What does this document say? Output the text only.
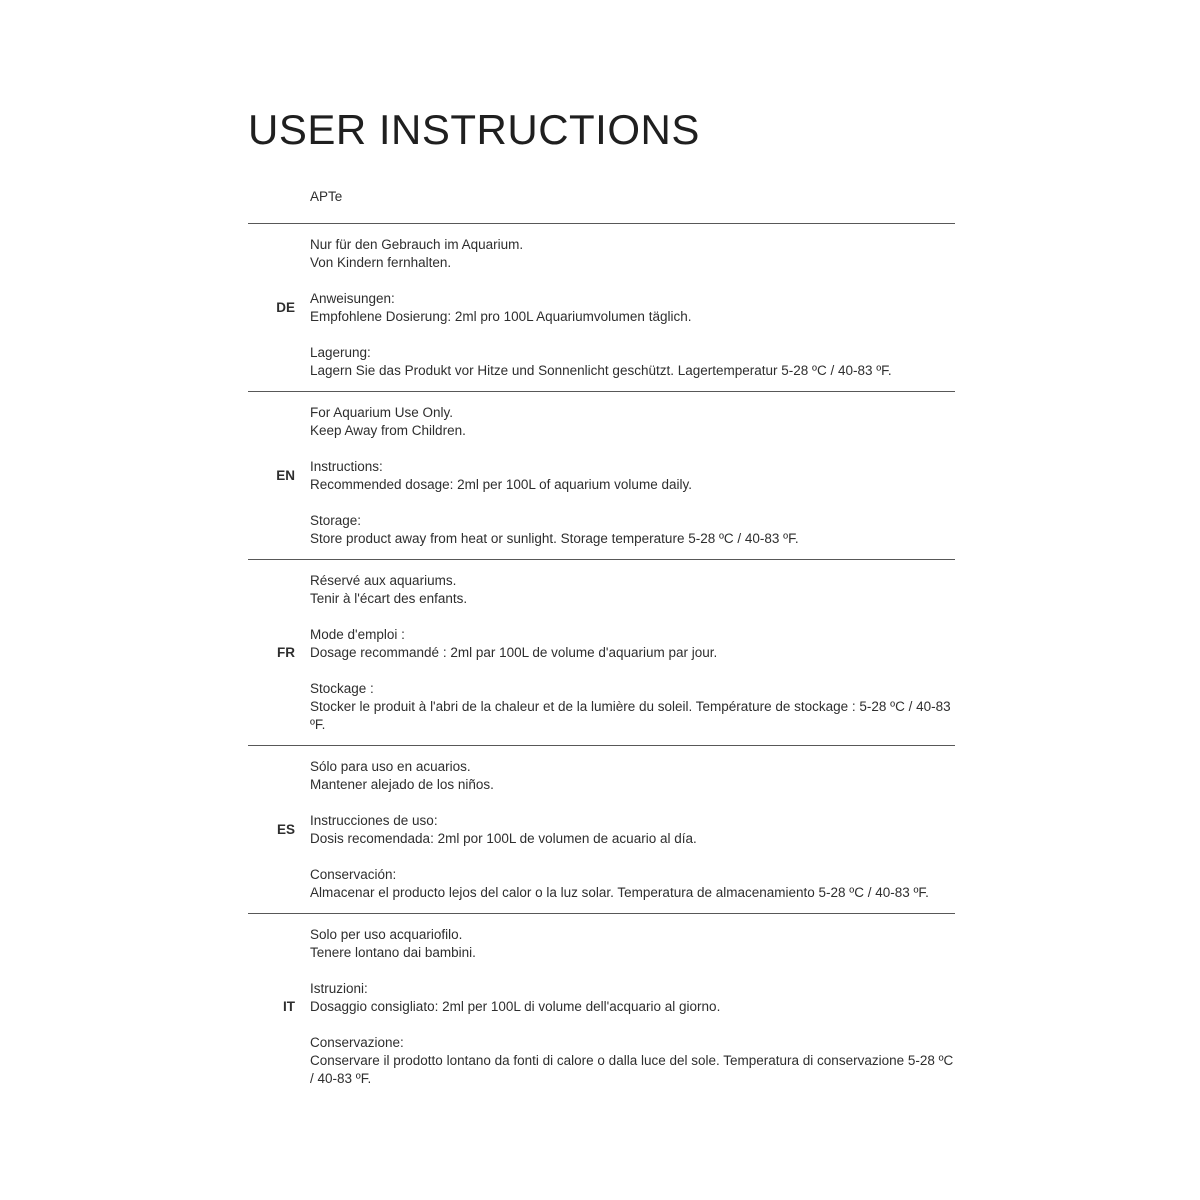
USER INSTRUCTIONS
APTe
DE

Nur für den Gebrauch im Aquarium.
Von Kindern fernhalten.

Anweisungen:
Empfohlene Dosierung: 2ml pro 100L Aquariumvolumen täglich.

Lagerung:
Lagern Sie das Produkt vor Hitze und Sonnenlicht geschützt. Lagertemperatur 5-28 ºC / 40-83 ºF.

EN

For Aquarium Use Only.
Keep Away from Children.

Instructions:
Recommended dosage: 2ml per 100L of aquarium volume daily.

Storage:
Store product away from heat or sunlight. Storage temperature 5-28 ºC / 40-83 ºF.

FR

Réservé aux aquariums.
Tenir à l'écart des enfants.

Mode d'emploi :
Dosage recommandé : 2ml par 100L de volume d'aquarium par jour.

Stockage :
Stocker le produit à l'abri de la chaleur et de la lumière du soleil. Température de stockage : 5-28 ºC / 40-83 ºF.

ES

Sólo para uso en acuarios.
Mantener alejado de los niños.

Instrucciones de uso:
Dosis recomendada: 2ml por 100L de volumen de acuario al día.

Conservación:
Almacenar el producto lejos del calor o la luz solar. Temperatura de almacenamiento 5-28 ºC / 40-83 ºF.

IT

Solo per uso acquariofilo.
Tenere lontano dai bambini.

Istruzioni:
Dosaggio consigliato: 2ml per 100L di volume dell'acquario al giorno.

Conservazione:
Conservare il prodotto lontano da fonti di calore o dalla luce del sole. Temperatura di conservazione 5-28 ºC / 40-83 ºF.
